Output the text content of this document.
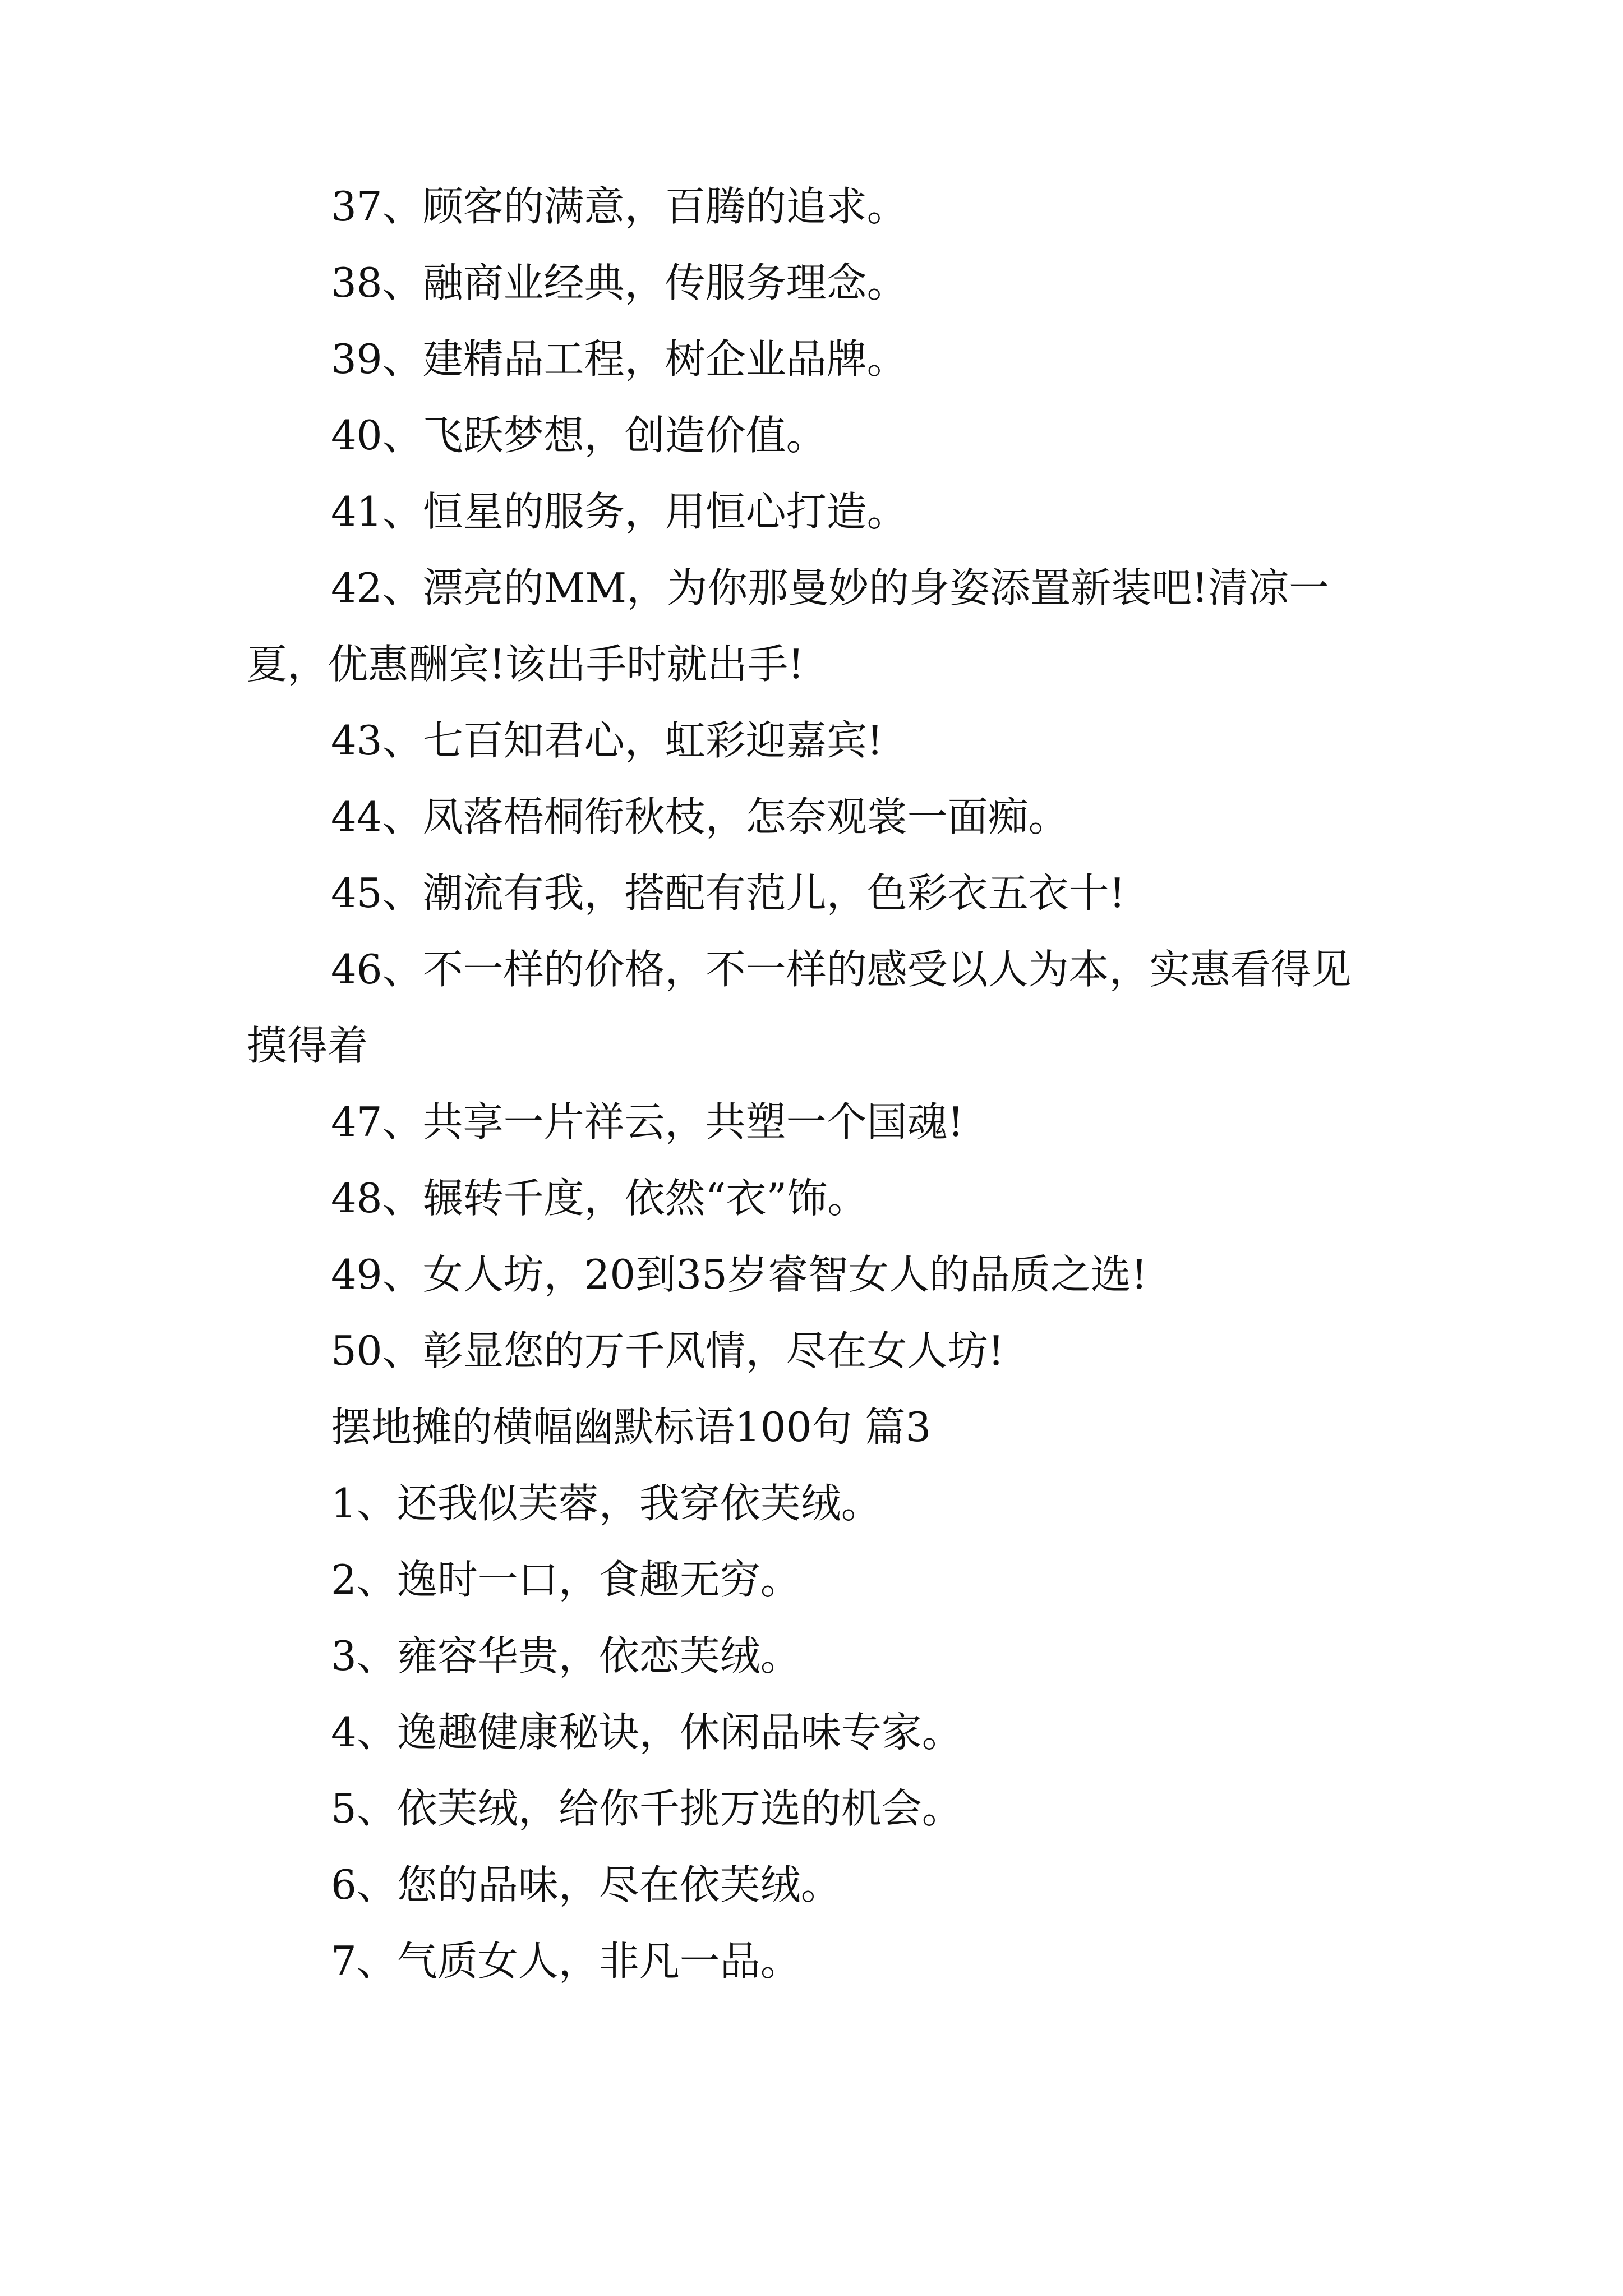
37、顾客的满意，百腾的追求。

38、融商业经典，传服务理念。

39、建精品工程，树企业品牌。

40、飞跃梦想，创造价值。

41、恒星的服务，用恒心打造。

42、漂亮的MM，为你那曼妙的身姿添置新装吧!清凉一夏，优惠酬宾!该出手时就出手!

43、七百知君心，虹彩迎嘉宾!

44、凤落梧桐衔秋枝，怎奈观裳一面痴。

45、潮流有我，搭配有范儿，色彩衣五衣十!

46、不一样的价格，不一样的感受以人为本，实惠看得见摸得着

47、共享一片祥云，共塑一个国魂!

48、辗转千度，依然“衣”饰。

49、女人坊，20到35岁睿智女人的品质之选!

50、彰显您的万千风情，尽在女人坊!

摆地摊的横幅幽默标语100句 篇3

1、还我似芙蓉，我穿依芙绒。

2、逸时一口，食趣无穷。

3、雍容华贵，依恋芙绒。

4、逸趣健康秘诀，休闲品味专家。

5、依芙绒，给你千挑万选的机会。

6、您的品味，尽在依芙绒。

7、气质女人，非凡一品。
